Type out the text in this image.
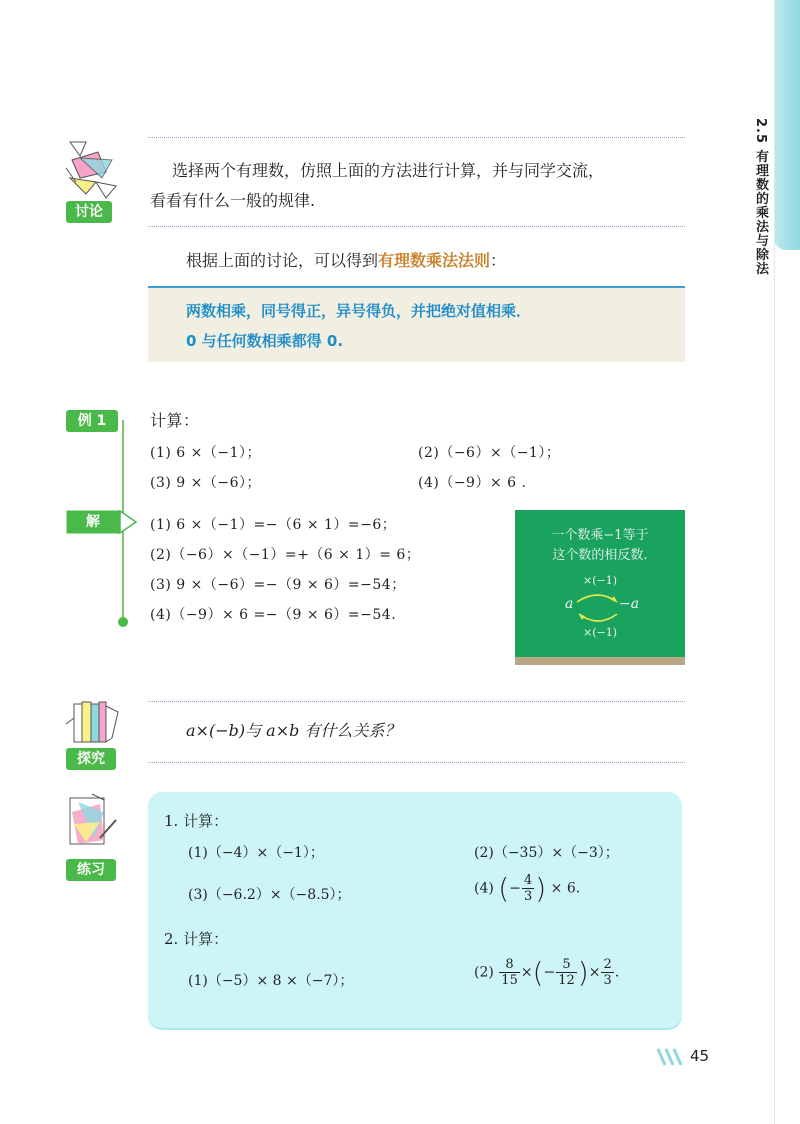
2.5 有理数的乘法与除法
讨论
选择两个有理数，仿照上面的方法进行计算，并与同学交流，
看看有什么一般的规律.
根据上面的讨论，可以得到有理数乘法法则：
两数相乘，同号得正，异号得负，并把绝对值相乘．
0 与任何数相乘都得 0.
例 1	计算：
(1) 6 ×（−1）；	(2)（−6）×（−1）；
(3) 9 ×（−6）；	(4)（−9）× 6 .
解	(1) 6 ×（−1）=−（6 × 1）=−6；
(2)（−6）×（−1）=+（6 × 1）= 6；
(3) 9 ×（−6）=−（9 × 6）=−54；
(4)（−9）× 6 =−（9 × 6）=−54.
一个数乘−1等于
这个数的相反数.
×(−1)
a	−a
×(−1)
探究
a×(−b)与 a×b 有什么关系？
练习
1. 计算：
(1)（−4）×（−1）；	(2)（−35）×（−3）；
(3)（−6.2）×（−8.5）；	(4) (− $\frac{4}{3}$ ) × 6.
2. 计算：
(1)（−5）× 8 ×（−7）；
$(2) \frac{8}{15}$ ×(− $\frac{5}{12}$ )× $\frac{2}{3}$ .
45
